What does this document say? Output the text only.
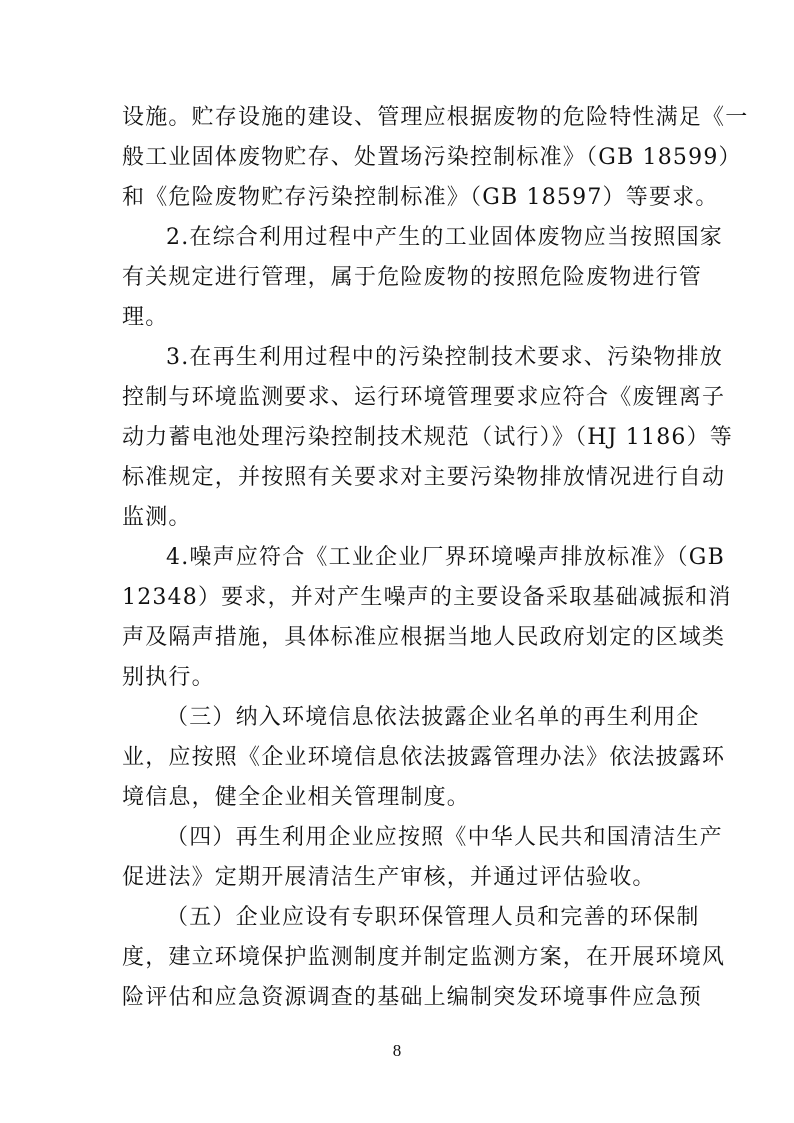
设施。贮存设施的建设、管理应根据废物的危险特性满足《一
般工业固体废物贮存、处置场污染控制标准》（GB 18599）
和《危险废物贮存污染控制标准》（GB 18597）等要求。
2.在综合利用过程中产生的工业固体废物应当按照国家
有关规定进行管理，属于危险废物的按照危险废物进行管
理。
3.在再生利用过程中的污染控制技术要求、污染物排放
控制与环境监测要求、运行环境管理要求应符合《废锂离子
动力蓄电池处理污染控制技术规范（试行）》（HJ 1186）等
标准规定，并按照有关要求对主要污染物排放情况进行自动
监测。
4.噪声应符合《工业企业厂界环境噪声排放标准》（GB
12348）要求，并对产生噪声的主要设备采取基础减振和消
声及隔声措施，具体标准应根据当地人民政府划定的区域类
别执行。
（三）纳入环境信息依法披露企业名单的再生利用企
业，应按照《企业环境信息依法披露管理办法》依法披露环
境信息，健全企业相关管理制度。
（四）再生利用企业应按照《中华人民共和国清洁生产
促进法》定期开展清洁生产审核，并通过评估验收。
（五）企业应设有专职环保管理人员和完善的环保制
度，建立环境保护监测制度并制定监测方案，在开展环境风
险评估和应急资源调查的基础上编制突发环境事件应急预
8
